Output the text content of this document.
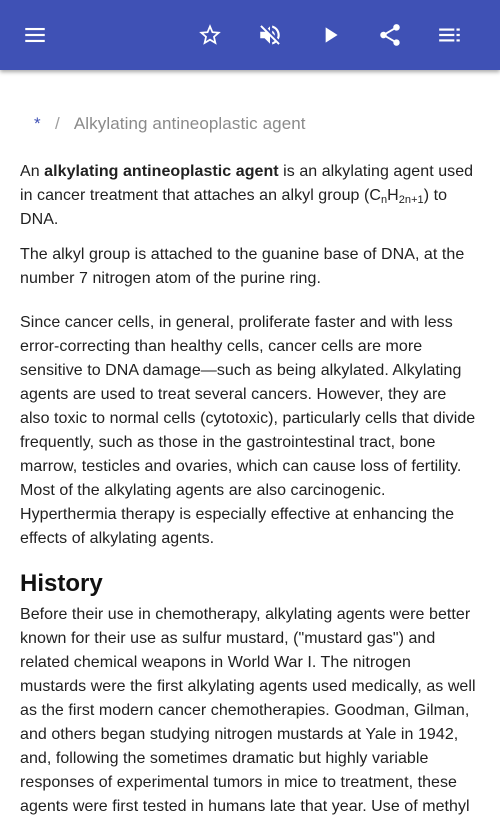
* / Alkylating antineoplastic agent

An alkylating antineoplastic agent is an alkylating agent used in cancer treatment that attaches an alkyl group $(C_nH_{2n+1})$ to DNA.

The alkyl group is attached to the guanine base of DNA, at the number 7 nitrogen atom of the purine ring.

Since cancer cells, in general, proliferate faster and with less error-correcting than healthy cells, cancer cells are more sensitive to DNA damage—such as being alkylated. Alkylating agents are used to treat several cancers. However, they are also toxic to normal cells (cytotoxic), particularly cells that divide frequently, such as those in the gastrointestinal tract, bone marrow, testicles and ovaries, which can cause loss of fertility. Most of the alkylating agents are also carcinogenic. Hyperthermia therapy is especially effective at enhancing the effects of alkylating agents.

History

Before their use in chemotherapy, alkylating agents were better known for their use as sulfur mustard, ("mustard gas") and related chemical weapons in World War I. The nitrogen mustards were the first alkylating agents used medically, as well as the first modern cancer chemotherapies. Goodman, Gilman, and others began studying nitrogen mustards at Yale in 1942, and, following the sometimes dramatic but highly variable responses of experimental tumors in mice to treatment, these agents were first tested in humans late that year. Use of methyl
